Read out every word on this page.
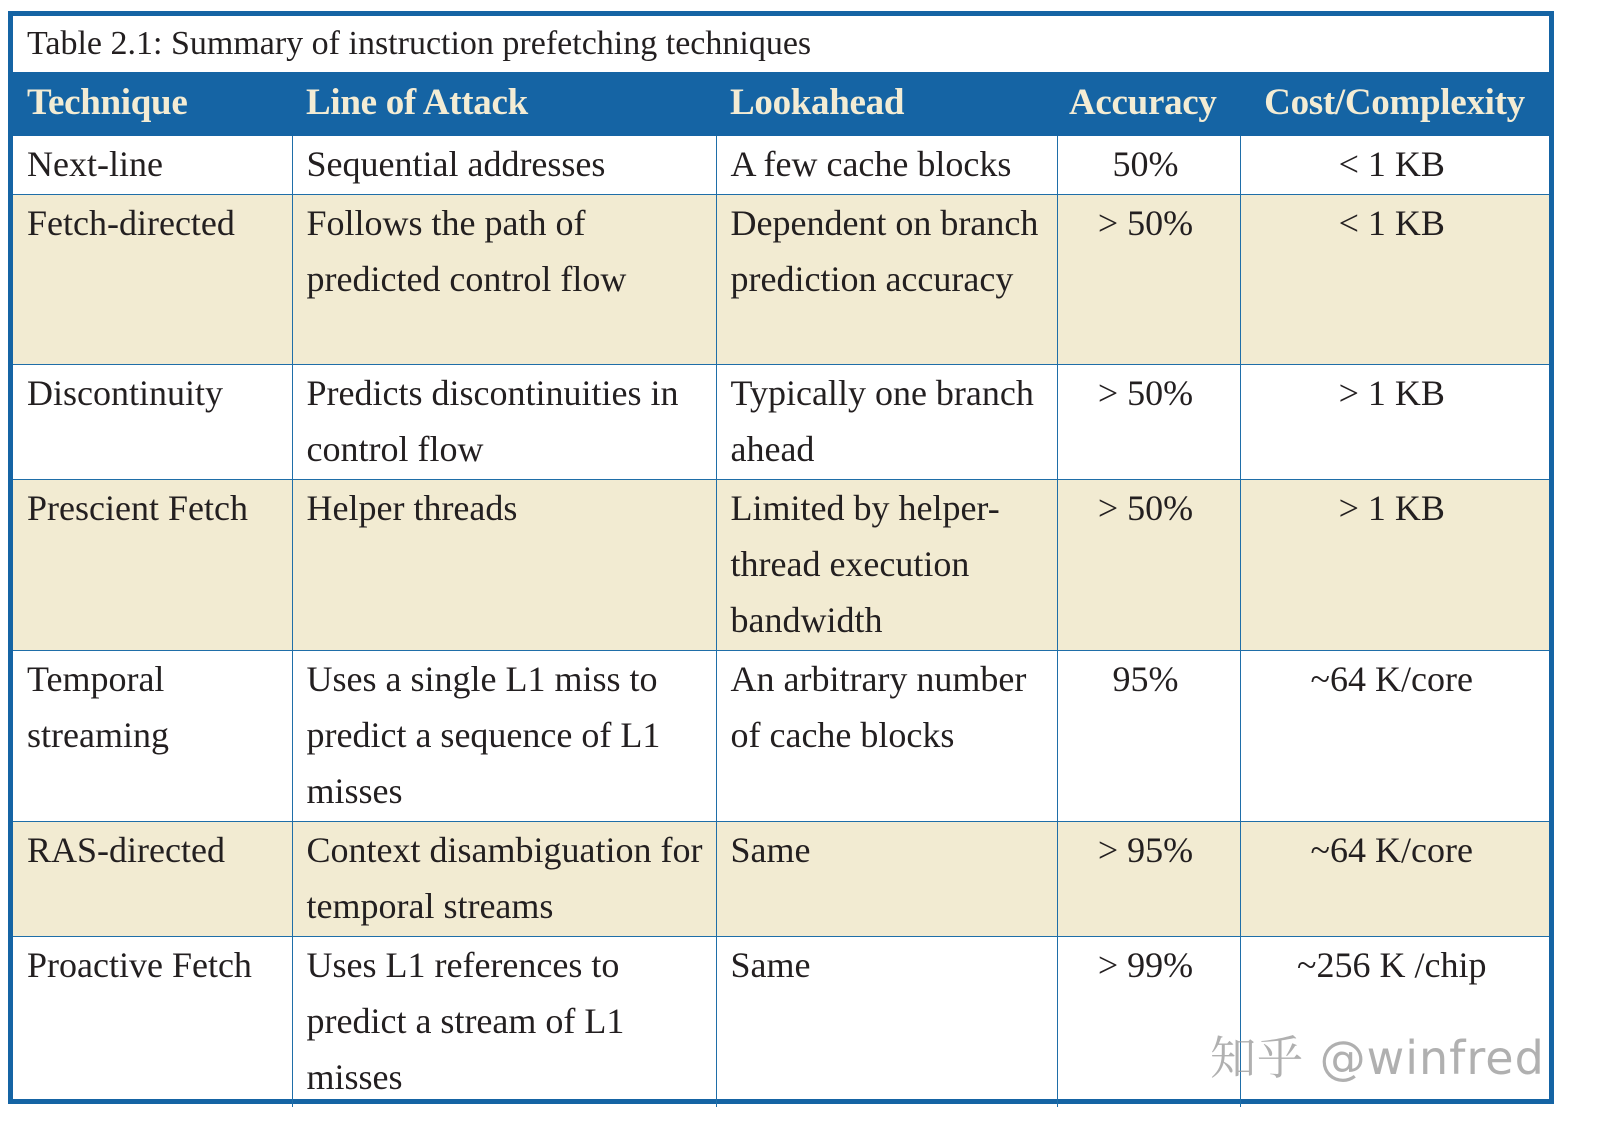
Table 2.1: Summary of instruction prefetching techniques
Technique	Line of Attack	Lookahead	Accuracy	Cost/Complexity
Next-line	Sequential addresses	A few cache blocks	50%	< 1 KB
Fetch-directed	Follows the path of predicted control flow	Dependent on branch prediction accuracy	> 50%	< 1 KB
Discontinuity	Predicts discontinuities in control flow	Typically one branch ahead	> 50%	> 1 KB
Prescient Fetch	Helper threads	Limited by helper-thread execution bandwidth	> 50%	> 1 KB
Temporal streaming	Uses a single L1 miss to predict a sequence of L1 misses	An arbitrary number of cache blocks	95%	~64 K/core
RAS-directed	Context disambiguation for temporal streams	Same	> 95%	~64 K/core
Proactive Fetch	Uses L1 references to predict a stream of L1 misses	Same	> 99%	~256 K /chip
知乎 @winfred
